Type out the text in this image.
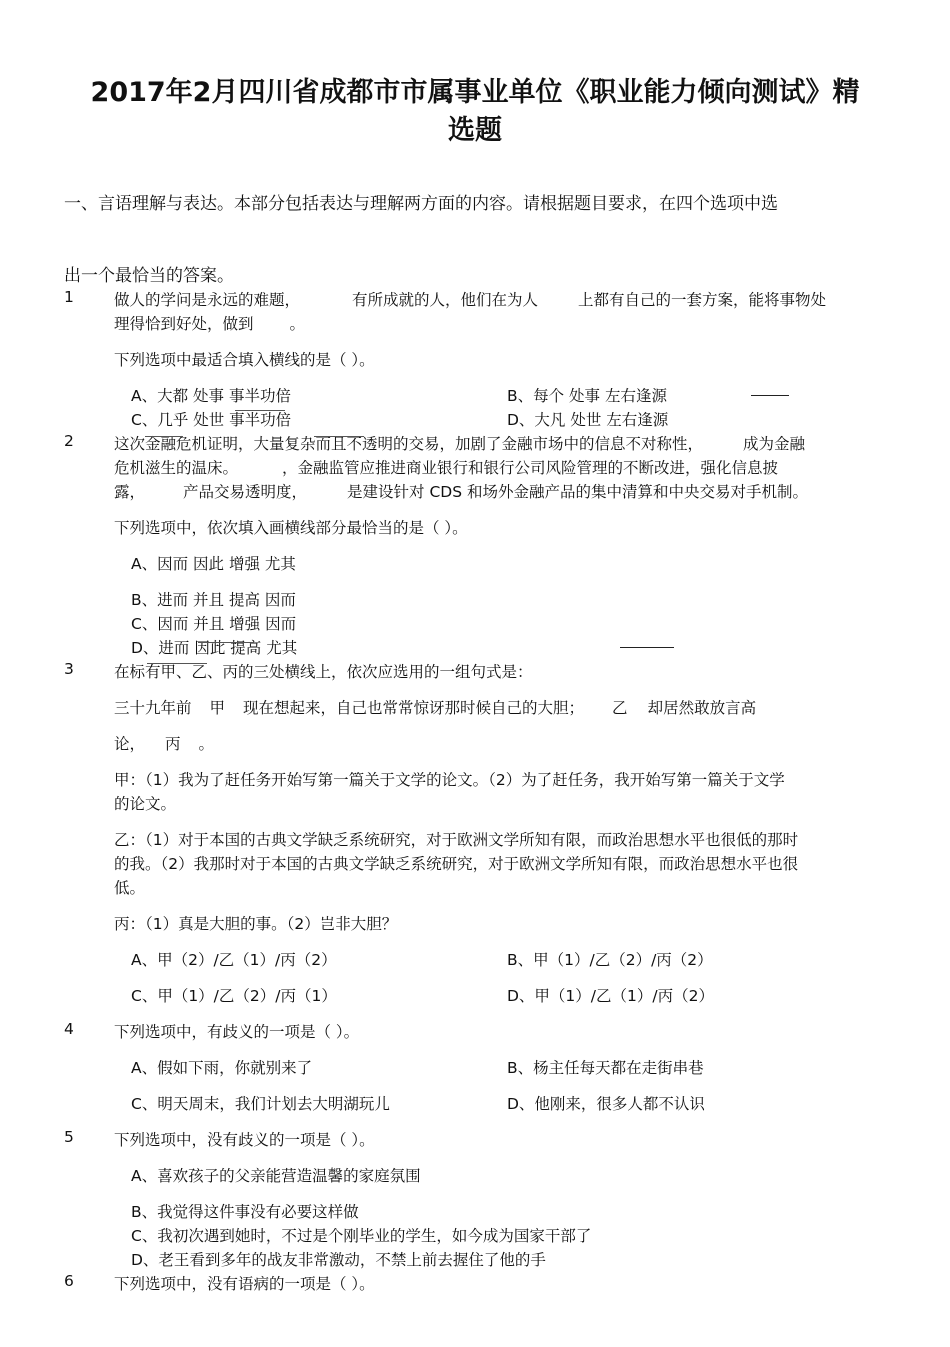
2017年2月四川省成都市市属事业单位《职业能力倾向测试》精
选题
一、言语理解与表达。本部分包括表达与理解两方面的内容。请根据题目要求，在四个选项中选
出一个最恰当的答案。
1	做人的学问是永远的难题，	有所成就的人，他们在为人	上都有自己的一套方案，能将事物处
理得恰到好处，做到 。
下列选项中最适合填入横线的是（ ）。
A、大都 处事 事半功倍	B、每个 处事 左右逢源
C、几乎 处世 事半功倍	D、大凡 处世 左右逢源
2	这次金融危机证明，大量复杂而且不透明的交易，加剧了金融市场中的信息不对称性，	成为金融
危机滋生的温床。	，金融监管应推进商业银行和银行公司风险管理的不断改进，强化信息披
露， 产品交易透明度，	是建设针对 CDS 和场外金融产品的集中清算和中央交易对手机制。
下列选项中，依次填入画横线部分最恰当的是（ ）。
A、因而 因此 增强 尤其
B、进而 并且 提高 因而
C、因而 并且 增强 因而
D、进而 因此 提高 尤其
3	在标有甲、乙、丙的三处横线上，依次应选用的一组句式是：
三十九年前 甲 现在想起来，自己也常常惊讶那时候自己的大胆； 乙 却居然敢放言高
论， 丙 。
甲：（1）我为了赶任务开始写第一篇关于文学的论文。（2）为了赶任务，我开始写第一篇关于文学
的论文。
乙：（1）对于本国的古典文学缺乏系统研究，对于欧洲文学所知有限，而政治思想水平也很低的那时
的我。（2）我那时对于本国的古典文学缺乏系统研究，对于欧洲文学所知有限，而政治思想水平也很
低。
丙：（1）真是大胆的事。（2）岂非大胆？
A、甲（2）/乙（1）/丙（2）	B、甲（1）/乙（2）/丙（2）
C、甲（1）/乙（2）/丙（1）	D、甲（1）/乙（1）/丙（2）
4	下列选项中，有歧义的一项是（ ）。
A、假如下雨，你就别来了	B、杨主任每天都在走街串巷
C、明天周末，我们计划去大明湖玩儿	D、他刚来，很多人都不认识
5	下列选项中，没有歧义的一项是（ ）。
A、喜欢孩子的父亲能营造温馨的家庭氛围
B、我觉得这件事没有必要这样做
C、我初次遇到她时，不过是个刚毕业的学生，如今成为国家干部了
D、老王看到多年的战友非常激动，不禁上前去握住了他的手
6	下列选项中，没有语病的一项是（ ）。
